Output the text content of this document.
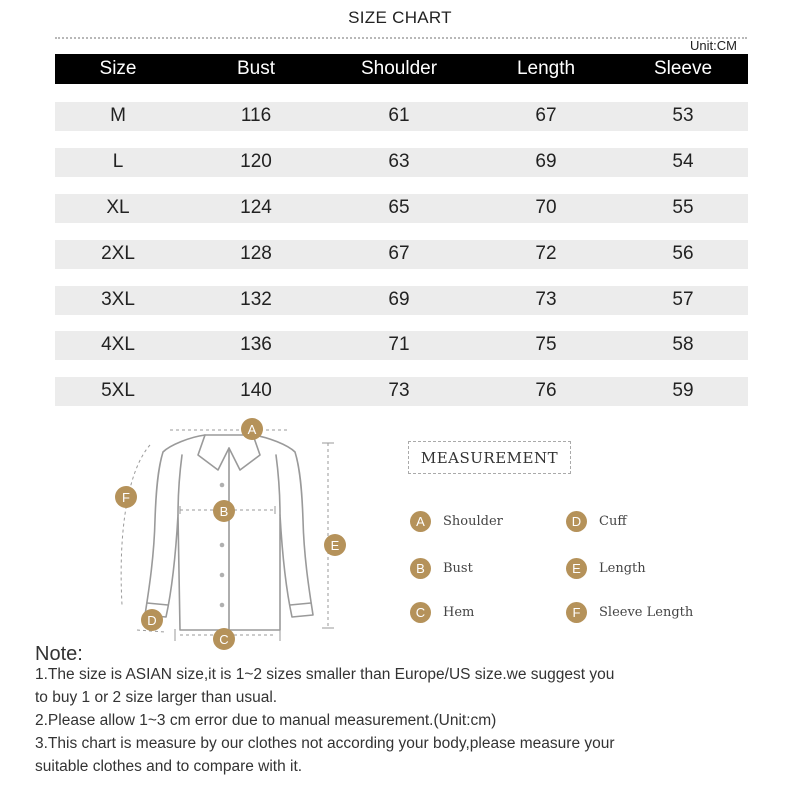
SIZE CHART
Unit:CM
Size	Bust	Shoulder	Length	Sleeve
M	116	61	67	53
L	120	63	69	54
XL	124	65	70	55
2XL	128	67	72	56
3XL	132	69	73	57
4XL	136	71	75	58
5XL	140	73	76	59
A
B
C
D
E
F
MEASUREMENT
A	Shoulder
B	Bust
C	Hem
D	Cuff
E	Length
F	Sleeve Length
Note:
1.The size is ASIAN size,it is 1~2 sizes smaller than Europe/US size.we suggest you
to buy 1 or 2 size larger than usual.
2.Please allow 1~3 cm error due to manual measurement.(Unit:cm)
3.This chart is measure by our clothes not according your body,please measure your
suitable clothes and to compare with it.
